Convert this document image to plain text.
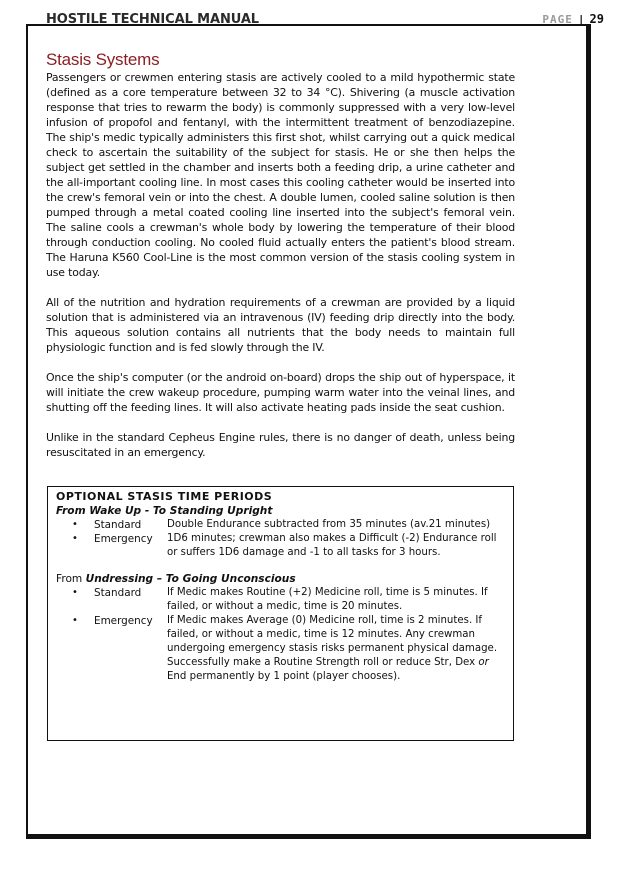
HOSTILE TECHNICAL MANUAL	PAGE | 29
Stasis Systems

Passengers or crewmen entering stasis are actively cooled to a mild hypothermic state (defined as a core temperature between 32 to 34 °C). Shivering (a muscle activation response that tries to rewarm the body) is commonly suppressed with a very low-level infusion of propofol and fentanyl, with the intermittent treatment of benzodiazepine. The ship's medic typically administers this first shot, whilst carrying out a quick medical check to ascertain the suitability of the subject for stasis. He or she then helps the subject get settled in the chamber and inserts both a feeding drip, a urine catheter and the all-important cooling line. In most cases this cooling catheter would be inserted into the crew's femoral vein or into the chest. A double lumen, cooled saline solution is then pumped through a metal coated cooling line inserted into the subject's femoral vein. The saline cools a crewman's whole body by lowering the temperature of their blood through conduction cooling. No cooled fluid actually enters the patient's blood stream. The Haruna K560 Cool-Line is the most common version of the stasis cooling system in use today.

All of the nutrition and hydration requirements of a crewman are provided by a liquid solution that is administered via an intravenous (IV) feeding drip directly into the body. This aqueous solution contains all nutrients that the body needs to maintain full physiologic function and is fed slowly through the IV.

Once the ship's computer (or the android on-board) drops the ship out of hyperspace, it will initiate the crew wakeup procedure, pumping warm water into the veinal lines, and shutting off the feeding lines. It will also activate heating pads inside the seat cushion.

Unlike in the standard Cepheus Engine rules, there is no danger of death, unless being resuscitated in an emergency.

OPTIONAL STASIS TIME PERIODS

From Wake Up - To Standing Upright

•	Standard	Double Endurance subtracted from 35 minutes (av.21 minutes)
•	Emergency	1D6 minutes; crewman also makes a Difficult (-2) Endurance roll or suffers 1D6 damage and -1 to all tasks for 3 hours.

From Undressing – To Going Unconscious

•	Standard	If Medic makes Routine (+2) Medicine roll, time is 5 minutes. If failed, or without a medic, time is 20 minutes.
•	Emergency	If Medic makes Average (0) Medicine roll, time is 2 minutes. If failed, or without a medic, time is 12 minutes. Any crewman undergoing emergency stasis risks permanent physical damage. Successfully make a Routine Strength roll or reduce Str, Dex or End permanently by 1 point (player chooses).
